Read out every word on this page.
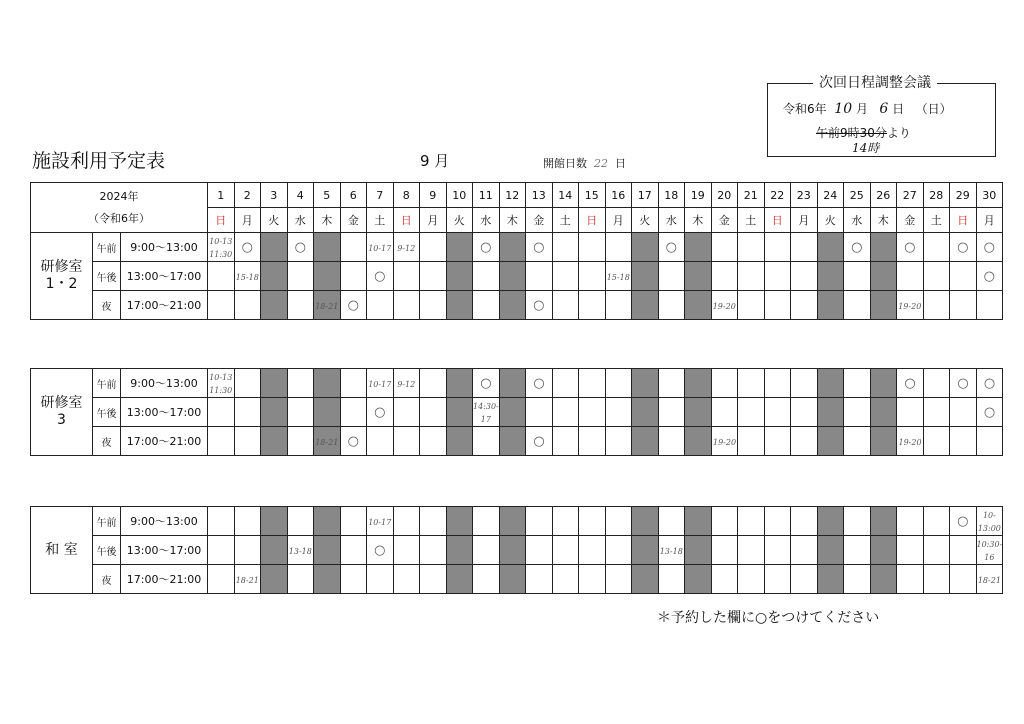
次回日程調整会議
令和6年 10 月 6 日 （日）
午前9時30分より
14時
施設利用予定表	9 月	開館日数 22 日
2024年
（令和6年）			1	2	3	4	5	6	7	8	9	10	11	12	13	14	15	16	17	18	19	20	21	22	23	24	25	26	27	28	29	30
			日	月	火	水	木	金	土	日	月	火	水	木	金	土	日	月	火	水	木	金	土	日	月	火	水	木	金	土	日	月

研修室
1・2	午前	9:00〜13:00	10-13 11:30	○		○			10-17	9-12			○		○					○							○		○		○	○
	午後	13:00〜17:00		15-18					○									15-18														○
	夜	17:00〜21:00					18-21	○							○							19-20							19-20			
研修室
3	午前	9:00〜13:00	10-13 11:30						10-17	9-12			○		○														○		○	○
	午後	13:00〜17:00							○				14:30-17																			○
	夜	17:00〜21:00					18-21	○							○							19-20							19-20			
和 室	午前	9:00〜13:00							10-17																						○	10-13:00
	午後	13:00〜17:00				13-18			○											13-18												10:30-16
	夜	17:00〜21:00		18-21																												18-21
＊予約した欄に○をつけてください
